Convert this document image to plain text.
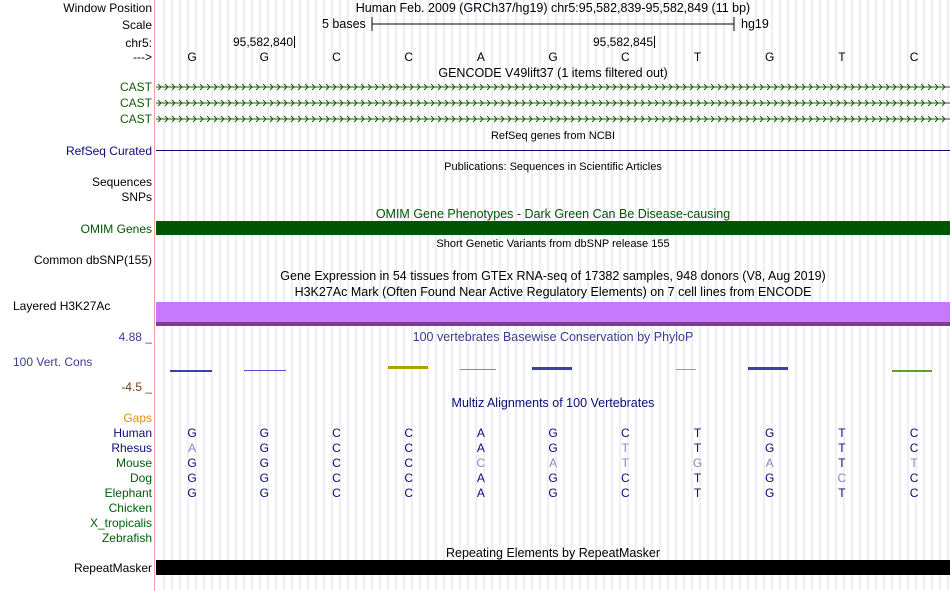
Window Position	Human Feb. 2009 (GRCh37/hg19) chr5:95,582,839-95,582,849 (11 bp)
Scale	5 bases	hg19
chr5:	95,582,840	95,582,845
--->	G	G	C	C	A	G	C	T	G	T	C
GENCODE V49lift37 (1 items filtered out)
CAST
CAST
CAST
RefSeq genes from NCBI
RefSeq Curated
Publications: Sequences in Scientific Articles
Sequences
SNPs
OMIM Gene Phenotypes - Dark Green Can Be Disease-causing
OMIM Genes
Short Genetic Variants from dbSNP release 155
Common dbSNP(155)
Gene Expression in 54 tissues from GTEx RNA-seq of 17382 samples, 948 donors (V8, Aug 2019)
H3K27Ac Mark (Often Found Near Active Regulatory Elements) on 7 cell lines from ENCODE
Layered H3K27Ac
100 vertebrates Basewise Conservation by PhyloP
4.88 _
100 Vert. Cons
-4.5 _
Gaps
Multiz Alignments of 100 Vertebrates
Human	G	G	C	C	A	G	C	T	G	T	C
Rhesus	A	G	C	C	A	G	T	T	G	T	C
Mouse	G	G	C	C	C	A	T	G	A	T	T
Dog	G	G	C	C	A	G	C	T	G	C	C
Elephant	G	G	C	C	A	G	C	T	G	T	C
Chicken
X_tropicalis
Zebrafish
Repeating Elements by RepeatMasker
RepeatMasker
